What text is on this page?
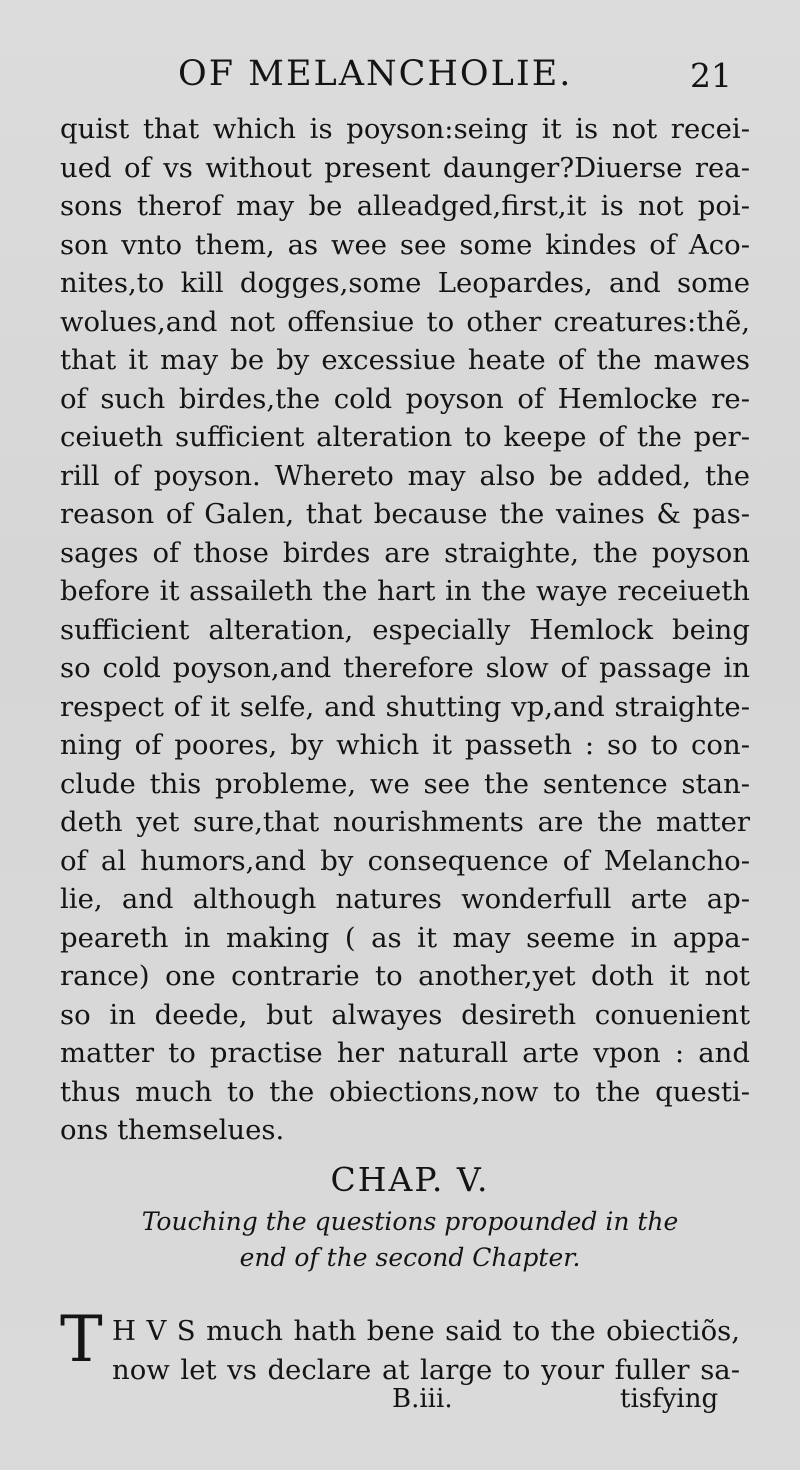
OF MELANCHOLIE.	21
quist that which is poyson:seing it is not recei-
ued of vs without present daunger?Diuerse rea-
sons therof may be alleadged,first,it is not poi-
son vnto them, as wee see some kindes of Aco-
nites,to kill dogges,some Leopardes, and some
wolues,and not offensiue to other creatures:thẽ,
that it may be by excessiue heate of the mawes
of such birdes,the cold poyson of Hemlocke re-
ceiueth sufficient alteration to keepe of the per-
rill of poyson. Whereto may also be added, the
reason of Galen, that because the vaines & pas-
sages of those birdes are straighte, the poyson
before it assaileth the hart in the waye receiueth
sufficient alteration, especially Hemlock being
so cold poyson,and therefore slow of passage in
respect of it selfe, and shutting vp,and straighte-
ning of poores, by which it passeth : so to con-
clude this probleme, we see the sentence stan-
deth yet sure,that nourishments are the matter
of al humors,and by consequence of Melancho-
lie, and although natures wonderfull arte ap-
peareth in making ( as it may seeme in appa-
rance) one contrarie to another,yet doth it not
so in deede, but alwayes desireth conuenient
matter to practise her naturall arte vpon : and
thus much to the obiections,now to the questi-
ons themselues.
CHAP. V.
Touching the questions propounded in the
end of the second Chapter.
T H V S much hath bene said to the obiectiõs,
now let vs declare at large to your fuller sa-
B.iii.	tisfying
